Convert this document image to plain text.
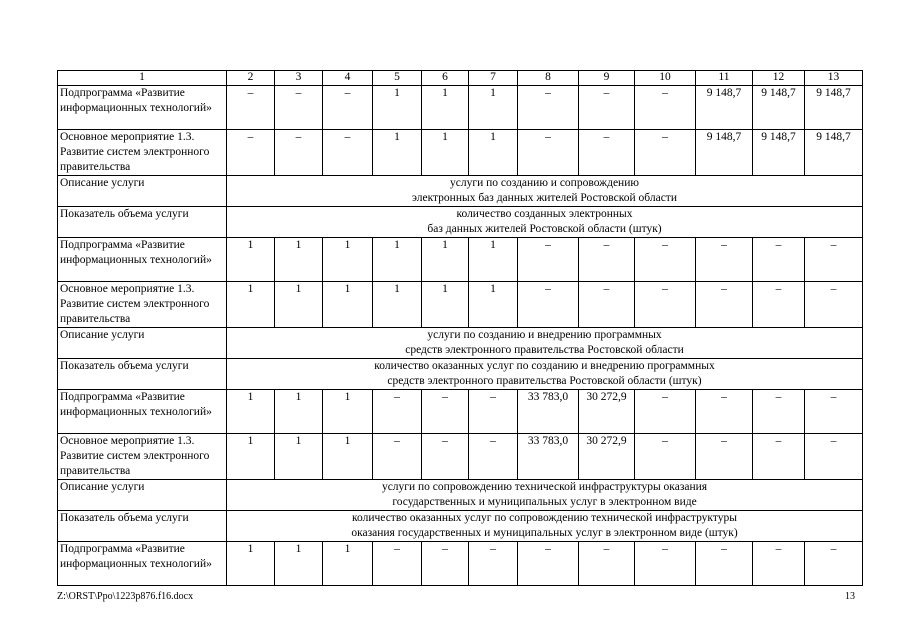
1	2	3	4	5	6	7	8	9	10	11	12	13
Подпрограмма «Развитие информационных технологий»	–	–	–	1	1	1	–	–	–	9 148,7	9 148,7	9 148,7
Основное мероприятие 1.3. Развитие систем электронного правительства	–	–	–	1	1	1	–	–	–	9 148,7	9 148,7	9 148,7
Описание услуги	услуги по созданию и сопровождению
электронных баз данных жителей Ростовской области											

Показатель объема услуги	количество созданных электронных
баз данных жителей Ростовской области (штук)											

Подпрограмма «Развитие информационных технологий»	1	1	1	1	1	1	–	–	–	–	–	–
Основное мероприятие 1.3. Развитие систем электронного правительства	1	1	1	1	1	1	–	–	–	–	–	–
Описание услуги	услуги по созданию и внедрению программных
средств электронного правительства Ростовской области											

Показатель объема услуги	количество оказанных услуг по созданию и внедрению программных
средств электронного правительства Ростовской области (штук)											

Подпрограмма «Развитие информационных технологий»	1	1	1	–	–	–	33 783,0	30 272,9	–	–	–	–
Основное мероприятие 1.3. Развитие систем электронного правительства	1	1	1	–	–	–	33 783,0	30 272,9	–	–	–	–
Описание услуги	услуги по сопровождению технической инфраструктуры оказания
государственных и муниципальных услуг в электронном виде											

Показатель объема услуги	количество оказанных услуг по сопровождению технической инфраструктуры
оказания государственных и муниципальных услуг в электронном виде (штук)											

Подпрограмма «Развитие информационных технологий»	1	1	1	–	–	–	–	–	–	–	–	–
Z:\ORST\Ppo\1223p876.f16.docx	13
